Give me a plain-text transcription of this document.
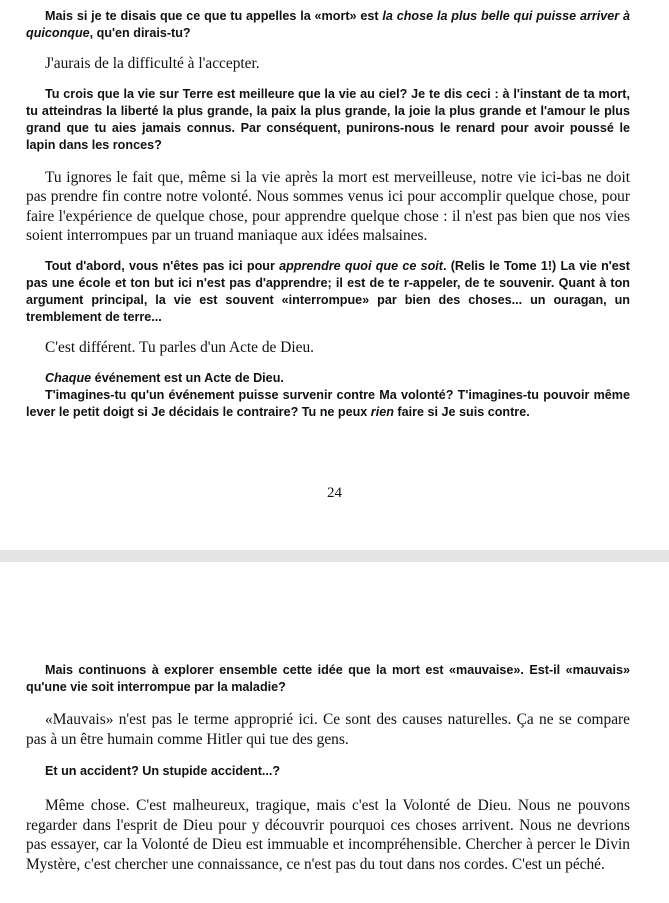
Mais si je te disais que ce que tu appelles la «mort» est la chose la plus belle qui puisse arriver à quiconque, qu'en dirais-tu?

J'aurais de la difficulté à l'accepter.

Tu crois que la vie sur Terre est meilleure que la vie au ciel? Je te dis ceci : à l'instant de ta mort, tu atteindras la liberté la plus grande, la paix la plus grande, la joie la plus grande et l'amour le plus grand que tu aies jamais connus. Par conséquent, punirons-nous le renard pour avoir poussé le lapin dans les ronces?

Tu ignores le fait que, même si la vie après la mort est merveilleuse, notre vie ici-bas ne doit pas prendre fin contre notre volonté. Nous sommes venus ici pour accomplir quelque chose, pour faire l'expérience de quelque chose, pour apprendre quelque chose : il n'est pas bien que nos vies soient interrompues par un truand maniaque aux idées malsaines.

Tout d'abord, vous n'êtes pas ici pour apprendre quoi que ce soit. (Relis le Tome 1!) La vie n'est pas une école et ton but ici n'est pas d'apprendre; il est de te r-appeler, de te souvenir. Quant à ton argument principal, la vie est souvent «interrompue» par bien des choses... un ouragan, un tremblement de terre...

C'est différent. Tu parles d'un Acte de Dieu.

Chaque événement est un Acte de Dieu.

T'imagines-tu qu'un événement puisse survenir contre Ma volonté? T'imagines-tu pouvoir même lever le petit doigt si Je décidais le contraire? Tu ne peux rien faire si Je suis contre.

24

Mais continuons à explorer ensemble cette idée que la mort est «mauvaise». Est-il «mauvais» qu'une vie soit interrompue par la maladie?

«Mauvais» n'est pas le terme approprié ici. Ce sont des causes naturelles. Ça ne se compare pas à un être humain comme Hitler qui tue des gens.

Et un accident? Un stupide accident...?

Même chose. C'est malheureux, tragique, mais c'est la Volonté de Dieu. Nous ne pouvons regarder dans l'esprit de Dieu pour y découvrir pourquoi ces choses arrivent. Nous ne devrions pas essayer, car la Volonté de Dieu est immuable et incompréhensible. Chercher à percer le Divin Mystère, c'est chercher une connaissance, ce n'est pas du tout dans nos cordes. C'est un péché.
